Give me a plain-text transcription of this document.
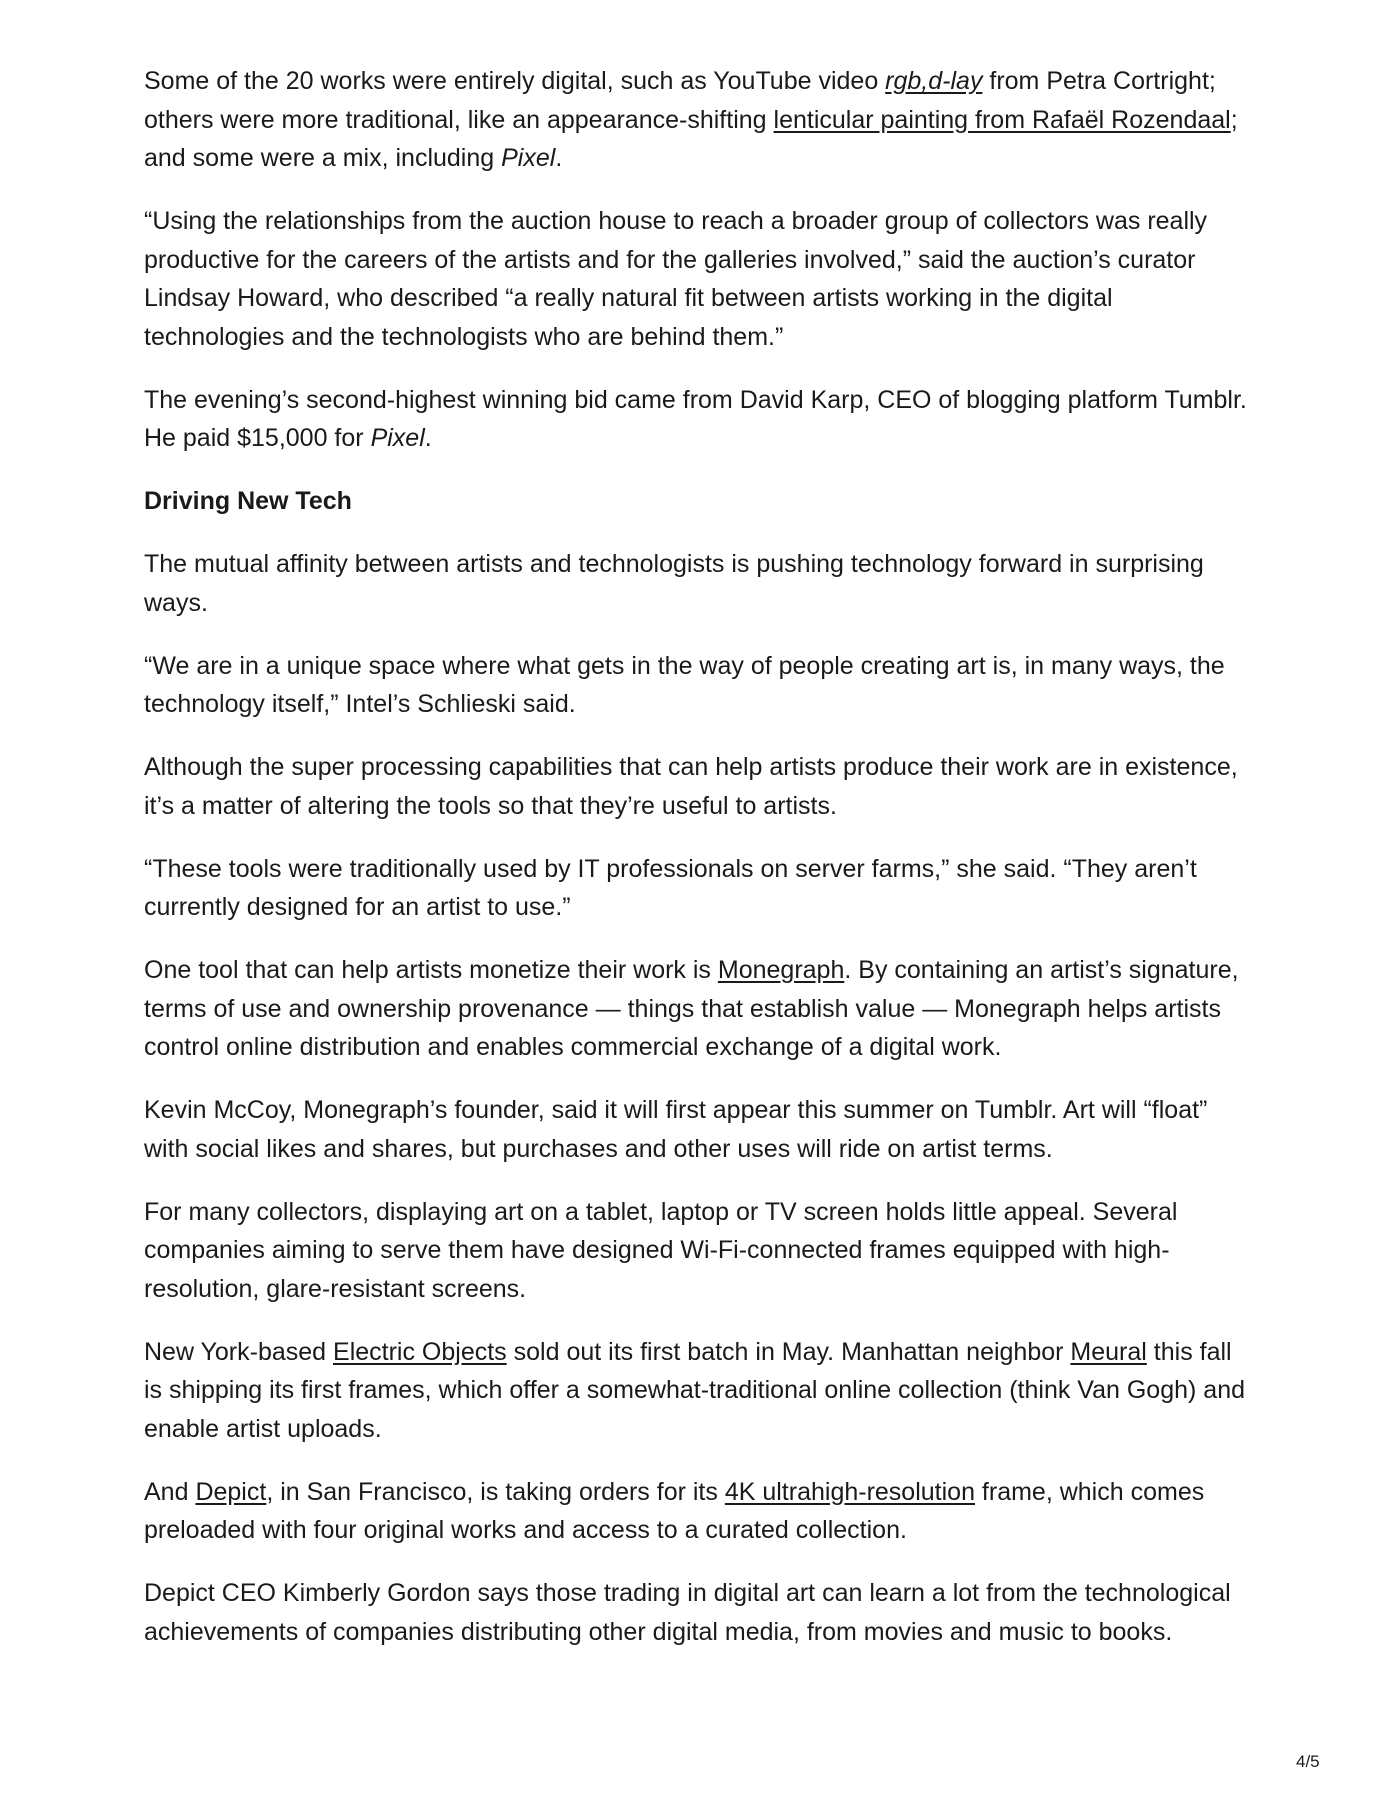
Some of the 20 works were entirely digital, such as YouTube video rgb,d-lay from Petra Cortright; others were more traditional, like an appearance-shifting lenticular painting from Rafaël Rozendaal; and some were a mix, including Pixel.

“Using the relationships from the auction house to reach a broader group of collectors was really productive for the careers of the artists and for the galleries involved,” said the auction’s curator Lindsay Howard, who described “a really natural fit between artists working in the digital technologies and the technologists who are behind them.”

The evening’s second-highest winning bid came from David Karp, CEO of blogging platform Tumblr. He paid $15,000 for Pixel.

Driving New Tech

The mutual affinity between artists and technologists is pushing technology forward in surprising ways.

“We are in a unique space where what gets in the way of people creating art is, in many ways, the technology itself,” Intel’s Schlieski said.

Although the super processing capabilities that can help artists produce their work are in existence, it’s a matter of altering the tools so that they’re useful to artists.

“These tools were traditionally used by IT professionals on server farms,” she said. “They aren’t currently designed for an artist to use.”

One tool that can help artists monetize their work is Monegraph. By containing an artist’s signature, terms of use and ownership provenance — things that establish value — Monegraph helps artists control online distribution and enables commercial exchange of a digital work.

Kevin McCoy, Monegraph’s founder, said it will first appear this summer on Tumblr. Art will “float” with social likes and shares, but purchases and other uses will ride on artist terms.

For many collectors, displaying art on a tablet, laptop or TV screen holds little appeal. Several companies aiming to serve them have designed Wi-Fi-connected frames equipped with high-resolution, glare-resistant screens.

New York-based Electric Objects sold out its first batch in May. Manhattan neighbor Meural this fall is shipping its first frames, which offer a somewhat-traditional online collection (think Van Gogh) and enable artist uploads.

And Depict, in San Francisco, is taking orders for its 4K ultrahigh-resolution frame, which comes preloaded with four original works and access to a curated collection.

Depict CEO Kimberly Gordon says those trading in digital art can learn a lot from the technological achievements of companies distributing other digital media, from movies and music to books.

4/5
